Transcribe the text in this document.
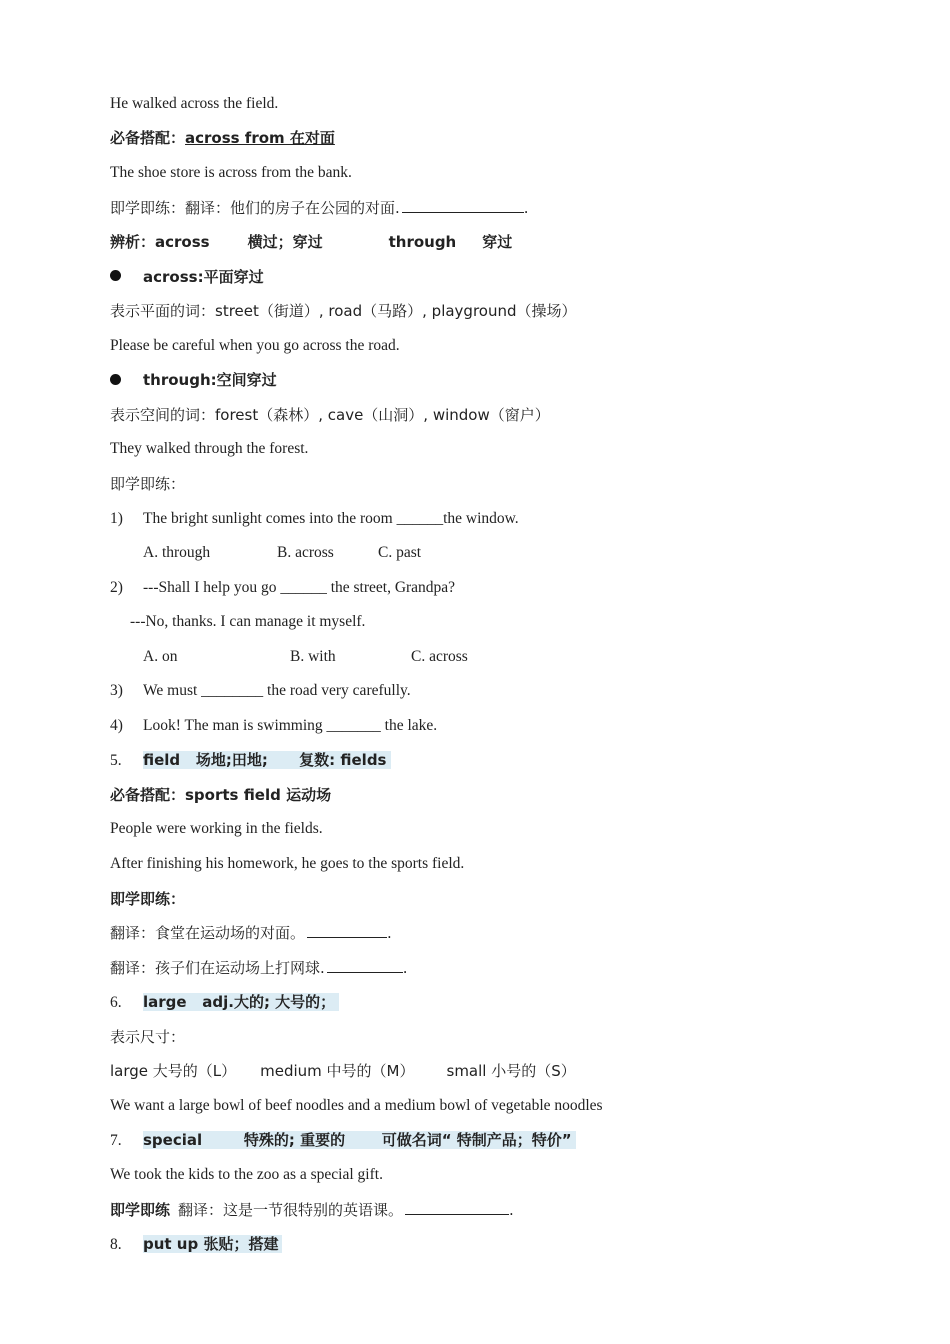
He walked across the field.
必备搭配：across from 在对面
The shoe store is across from the bank.
即学即练：翻译：他们的房子在公园的对面.	.
辨析：across	横过；穿过	through 穿过
across:平面穿过
表示平面的词：street（街道）, road（马路）, playground（操场）
Please be careful when you go across the road.
through:空间穿过
表示空间的词：forest（森林）, cave（山洞）, window（窗户）
They walked through the forest.
即学即练：
1) The bright sunlight comes into the room ______the window.
A. through	B. across	C. past
2) ---Shall I help you go ______ the street, Grandpa?
---No, thanks. I can manage it myself.
A. on	B. with	C. across
3) We must ________ the road very carefully.
4) Look! The man is swimming _______ the lake.
5. field   场地;田地;      复数: fields
必备搭配：sports field 运动场
People were working in the fields.
After finishing his homework, he goes to the sports field.
即学即练：
翻译：食堂在运动场的对面。	.
翻译：孩子们在运动场上打网球.	.
6. large   adj.大的; 大号的；
表示尺寸：
large 大号的（L） medium 中号的（M） small 小号的（S）
We want a large bowl of beef noodles and a medium bowl of vegetable noodles
7. special        特殊的; 重要的       可做名词“ 特制产品；特价”
We took the kids to the zoo as a special gift.
即学即练 翻译：这是一节很特别的英语课。	.
8. put up 张贴；搭建
